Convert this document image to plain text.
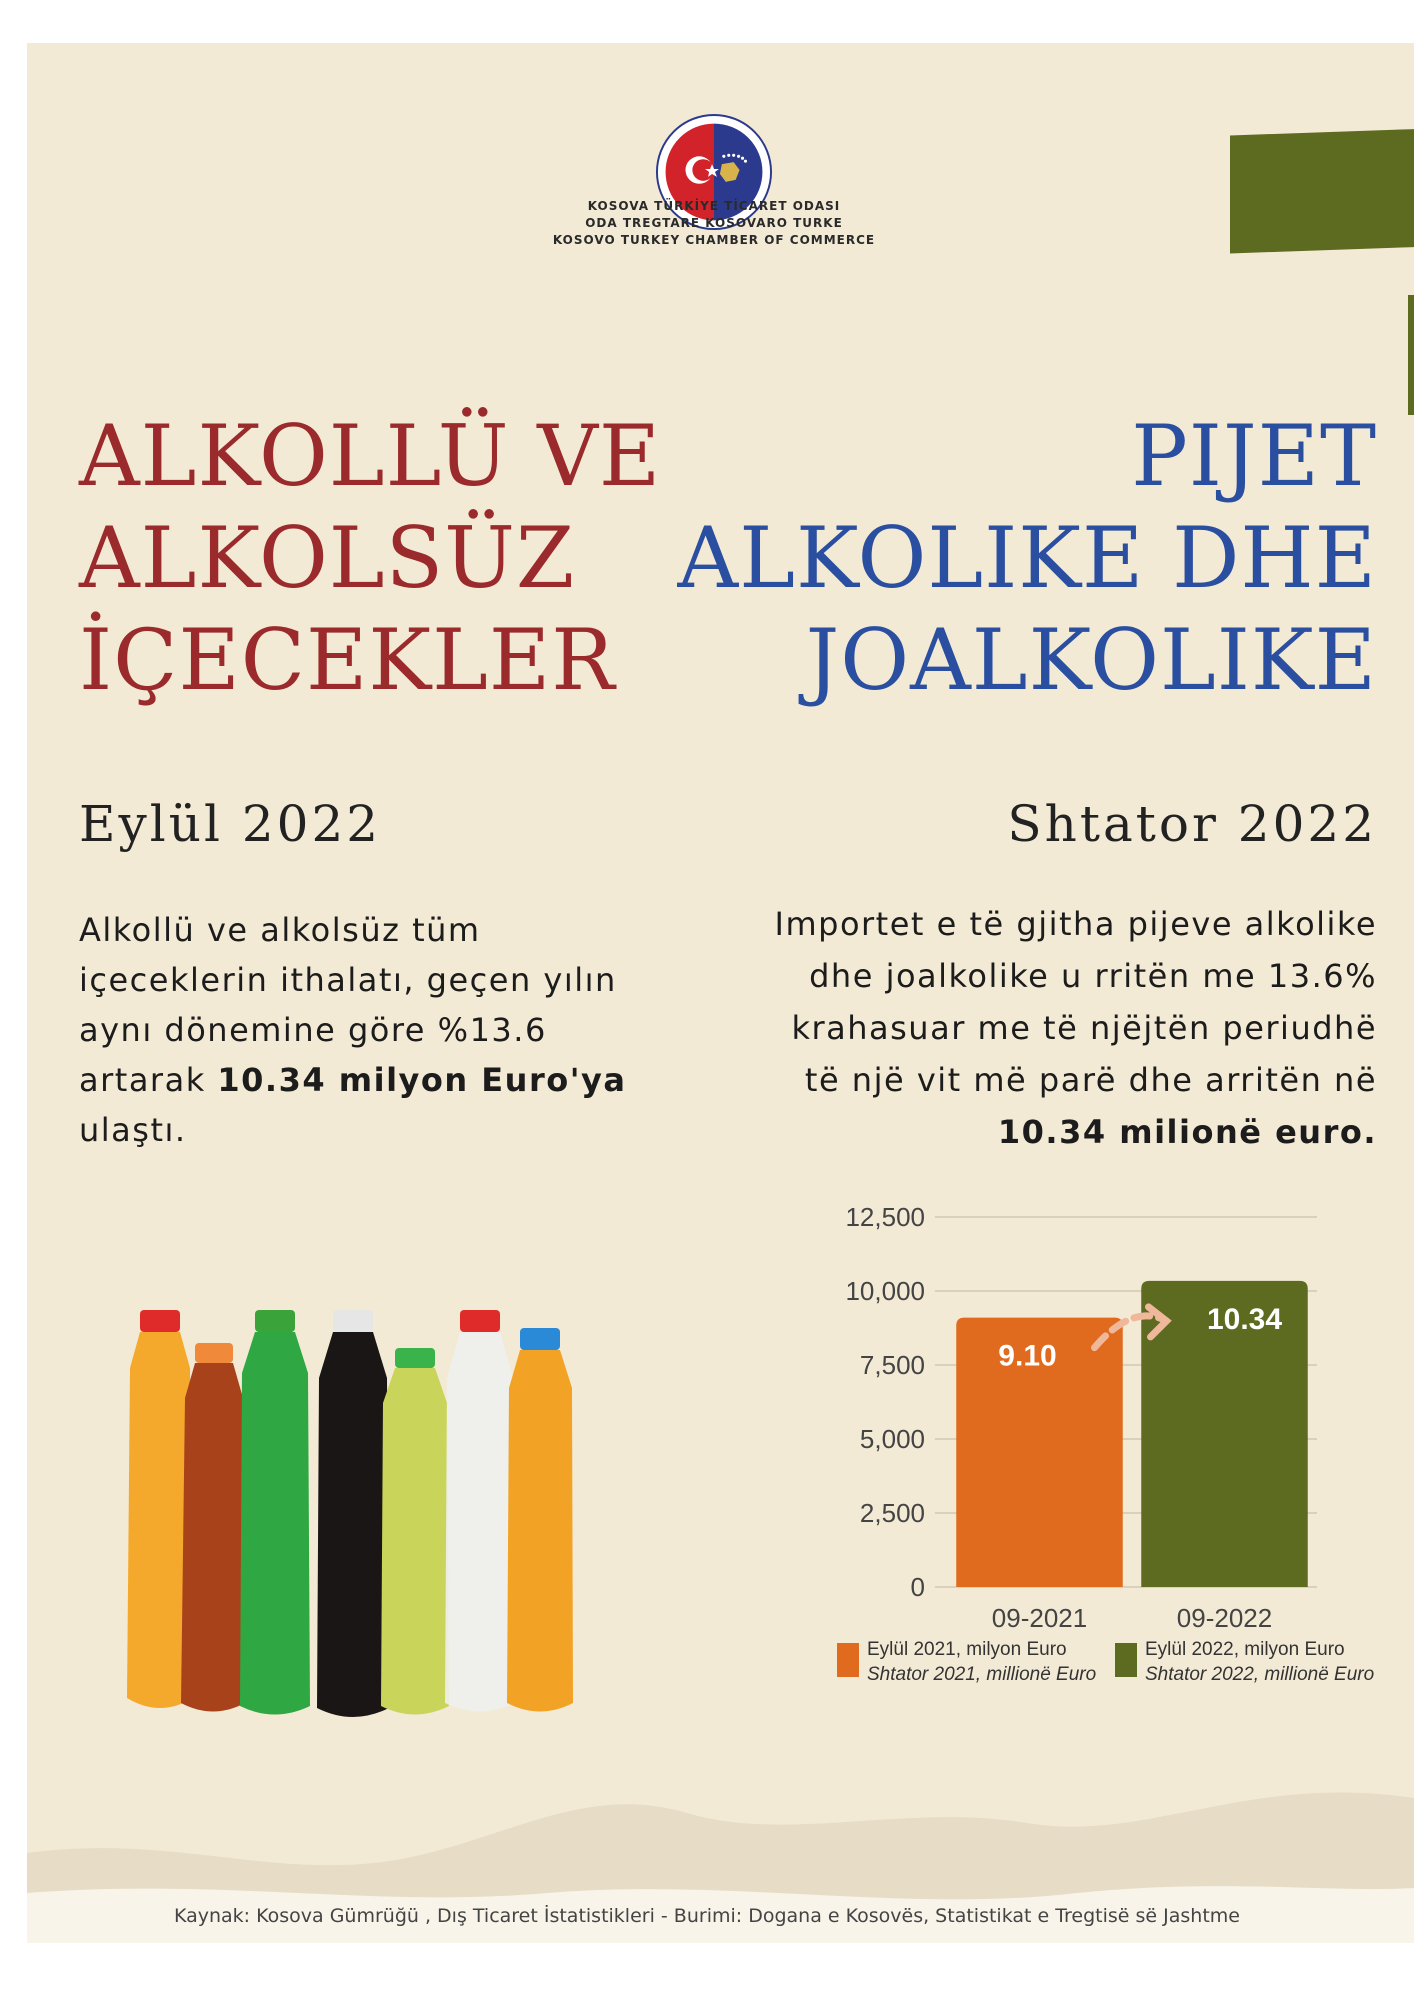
KOSOVA TÜRKİYE TİCARET ODASI
ODA TREGTARE KOSOVARO TURKE
KOSOVO TURKEY CHAMBER OF COMMERCE
ALKOLLÜ VE
ALKOLSÜZ
İÇECEKLER
PIJET
ALKOLIKE DHE
JOALKOLIKE
Eylül 2022	Shtator 2022
Alkollü ve alkolsüz tüm içeceklerin ithalatı, geçen yılın aynı dönemine göre %13.6 artarak 10.34 milyon Euro'ya ulaştı.
Importet e të gjitha pijeve alkolike dhe joalkolike u rritën me 13.6% krahasuar me të njëjtën periudhë të një vit më parë dhe arritën në 10.34 milionë euro.
0
2,500
5,000
7,500
10,000
12,500
9.10
10.34
09-2021	09-2022
Eylül 2021, milyon Euro
Shtator 2021, millionë Euro
Eylül 2022, milyon Euro
Shtator 2022, millionë Euro
Kaynak: Kosova Gümrüğü , Dış Ticaret İstatistikleri - Burimi: Dogana e Kosovës, Statistikat e Tregtisë së Jashtme
